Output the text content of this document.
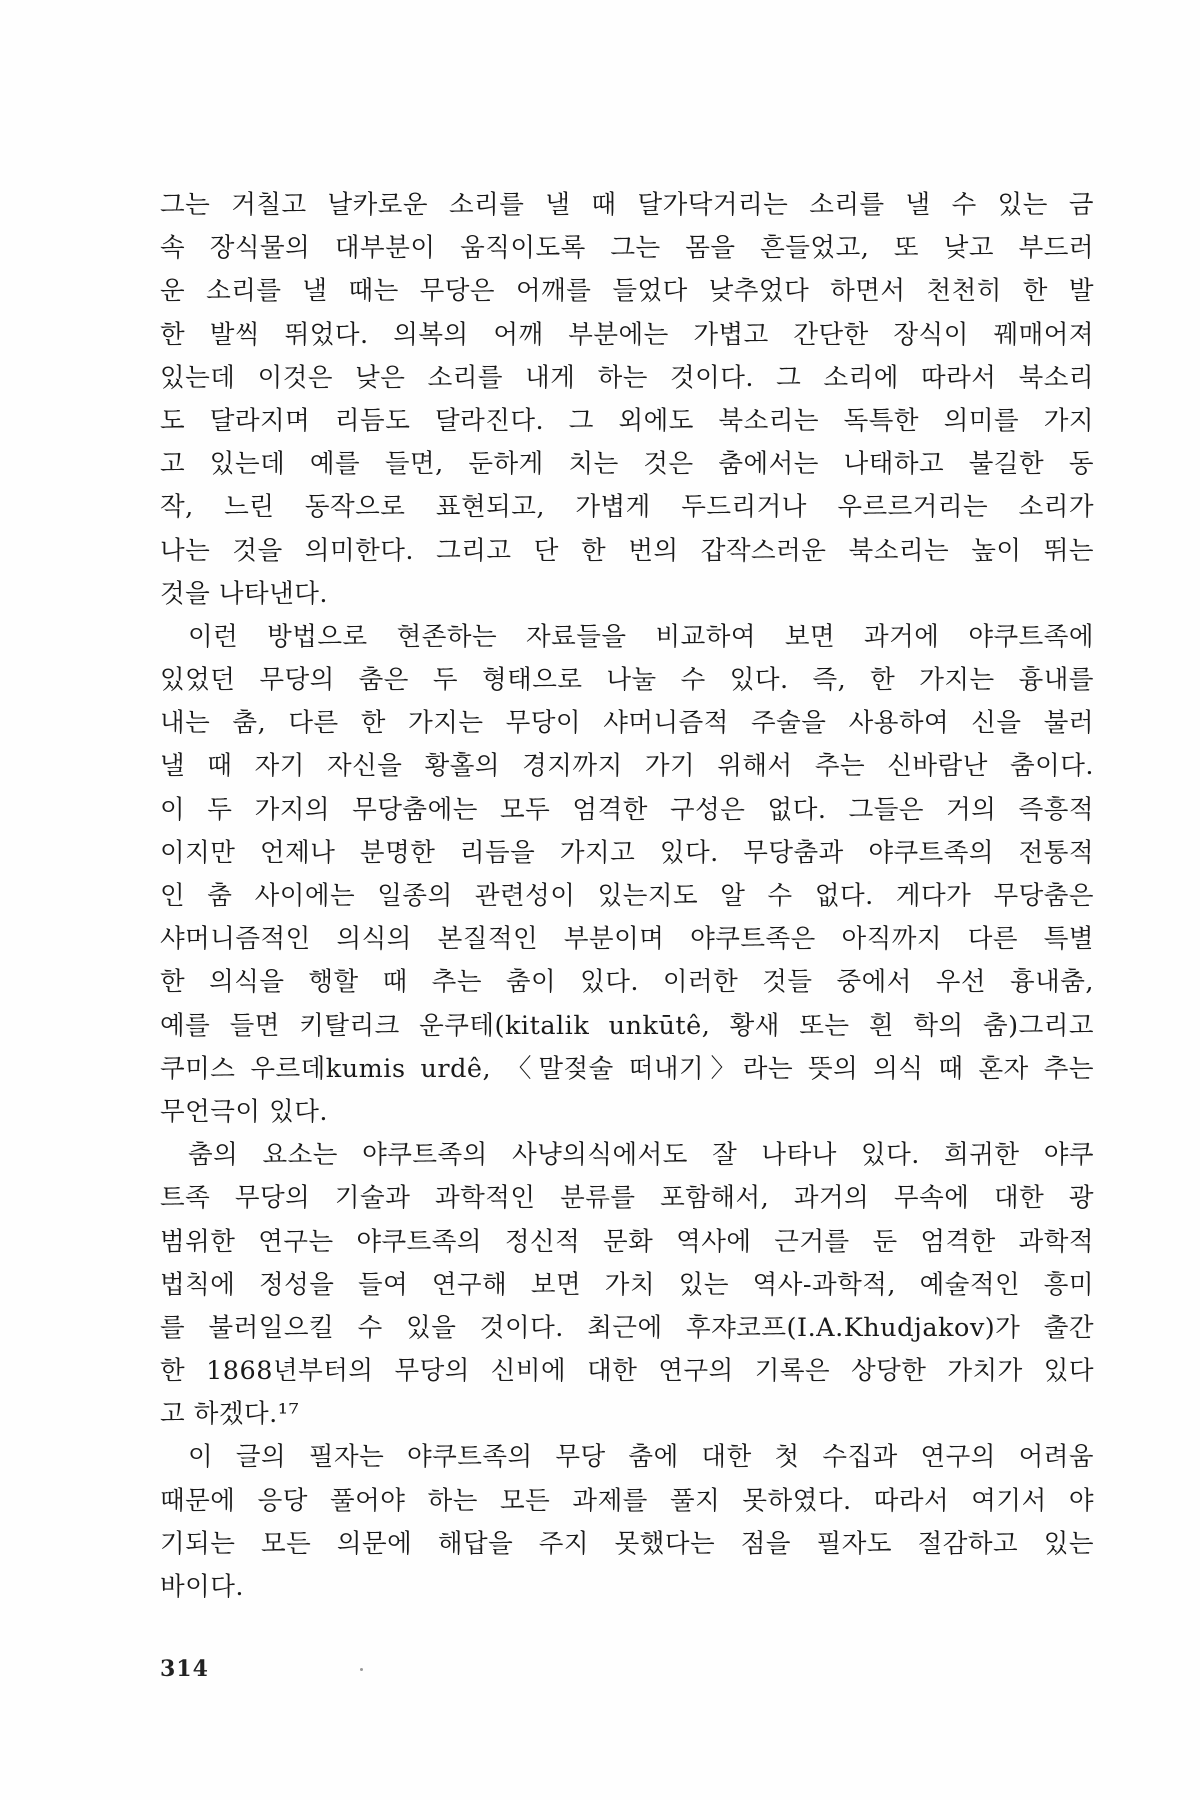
그는 거칠고 날카로운 소리를 낼 때 달가닥거리는 소리를 낼 수 있는 금
속 장식물의 대부분이 움직이도록 그는 몸을 흔들었고, 또 낮고 부드러
운 소리를 낼 때는 무당은 어깨를 들었다 낮추었다 하면서 천천히 한 발
한 발씩 뛰었다. 의복의 어깨 부분에는 가볍고 간단한 장식이 꿰매어져
있는데 이것은 낮은 소리를 내게 하는 것이다. 그 소리에 따라서 북소리
도 달라지며 리듬도 달라진다. 그 외에도 북소리는 독특한 의미를 가지
고 있는데 예를 들면, 둔하게 치는 것은 춤에서는 나태하고 불길한 동
작, 느린 동작으로 표현되고, 가볍게 두드리거나 우르르거리는 소리가
나는 것을 의미한다. 그리고 단 한 번의 갑작스러운 북소리는 높이 뛰는
것을 나타낸다.
이런 방법으로 현존하는 자료들을 비교하여 보면 과거에 야쿠트족에
있었던 무당의 춤은 두 형태으로 나눌 수 있다. 즉, 한 가지는 흉내를
내는 춤, 다른 한 가지는 무당이 샤머니즘적 주술을 사용하여 신을 불러
낼 때 자기 자신을 황홀의 경지까지 가기 위해서 추는 신바람난 춤이다.
이 두 가지의 무당춤에는 모두 엄격한 구성은 없다. 그들은 거의 즉흥적
이지만 언제나 분명한 리듬을 가지고 있다. 무당춤과 야쿠트족의 전통적
인 춤 사이에는 일종의 관련성이 있는지도 알 수 없다. 게다가 무당춤은
샤머니즘적인 의식의 본질적인 부분이며 야쿠트족은 아직까지 다른 특별
한 의식을 행할 때 추는 춤이 있다. 이러한 것들 중에서 우선 흉내춤,
예를 들면 키탈리크 운쿠테(kitalik unkūtê, 황새 또는 흰 학의 춤)그리고
쿠미스 우르데kumis urdê, 〈말젖술 떠내기〉라는 뜻의 의식 때 혼자 추는
무언극이 있다.
춤의 요소는 야쿠트족의 사냥의식에서도 잘 나타나 있다. 희귀한 야쿠
트족 무당의 기술과 과학적인 분류를 포함해서, 과거의 무속에 대한 광
범위한 연구는 야쿠트족의 정신적 문화 역사에 근거를 둔 엄격한 과학적
법칙에 정성을 들여 연구해 보면 가치 있는 역사-과학적, 예술적인 흥미
를 불러일으킬 수 있을 것이다. 최근에 후쟈코프(I.A.Khudjakov)가 출간
한 1868년부터의 무당의 신비에 대한 연구의 기록은 상당한 가치가 있다
고 하겠다.¹⁷
이 글의 필자는 야쿠트족의 무당 춤에 대한 첫 수집과 연구의 어려움
때문에 응당 풀어야 하는 모든 과제를 풀지 못하였다. 따라서 여기서 야
기되는 모든 의문에 해답을 주지 못했다는 점을 필자도 절감하고 있는
바이다.
314
